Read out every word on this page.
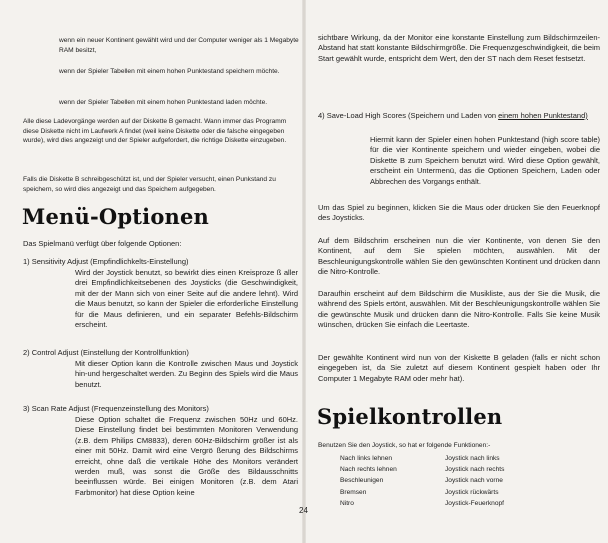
wenn ein neuer Kontinent gewählt wird und der Computer weniger als 1 Megabyte RAM besitzt,

wenn der Spieler Tabellen mit einem hohen Punktestand speichern möchte.

wenn der Spieler Tabellen mit einem hohen Punktestand laden möchte.

Alle diese Ladevorgänge werden auf der Diskette B gemacht. Wann immer das Programm diese Diskette nicht im Laufwerk A findet (weil keine Diskette oder die falsche eingegeben wurde), wird dies angezeigt und der Spieler aufgefordert, die richtige Diskette einzugeben.

Falls die Diskette B schreibgeschützt ist, und der Spieler versucht, einen Punkstand zu speichern, so wird dies angezeigt und das Speichern aufgegeben.

Menü-Optionen

Das Spielmanü verfügt über folgende Optionen:

1) Sensitivity Adjust (Empfindlichkelts-Einstellung)

Wird der Joystick benutzt, so bewirkt dies einen Kreisproze ß aller drei Empfindlichkeitsebenen des Joysticks (die Geschwindigkeit, mit der der Mann sich von einer Seite auf die andere lehnt). Wird die Maus benutzt, so kann der Spieler die erforderliche Einstellung für die Maus definieren, und ein separater Befehls-Bildschirm erscheint.

2) Control Adjust (Einstellung der Kontrollfunktion)

Mit dieser Option kann die Kontrolle zwischen Maus und Joystick hin-und hergeschaltet werden. Zu Beginn des Spiels wird die Maus benutzt.

3) Scan Rate Adjust (Frequenzeinstellung des Monitors)

Diese Option schaltet die Frequenz zwischen 50Hz und 60Hz. Diese Einstellung findet bei bestimmten Monitoren Verwendung (z.B. dem Philips CM8833), deren 60Hz-Bildschirm größer ist als einer mit 50Hz. Damit wird eine Vergrö ßerung des Bildschirms erreicht, ohne daß die vertikale Höhe des Monitors verändert werden muß, was sonst die Größe des Bildausschnitts beeinflussen würde. Bei einigen Monitoren (z.B. dem Atari Farbmonitor) hat diese Option keine

24

sichtbare Wirkung, da der Monitor eine konstante Einstellung zum Bildschirmzeilen-Abstand hat statt konstante Bildschirmgröße. Die Frequenzgeschwindigkeit, die beim Start gewählt wurde, entspricht dem Wert, den der ST nach dem Reset festsetzt.

4) Save-Load High Scores (Speichern und Laden von einem hohen Punktestand)

Hiermit kann der Spieler einen hohen Punktestand (high score table) für die vier Kontinente speichern und wieder eingeben, wobei die Diskette B zum Speichern benutzt wird. Wird diese Option gewählt, erscheint ein Untermenü, das die Optionen Speichern, Laden oder Abbrechen des Vorgangs enthält.

Um das Spiel zu beginnen, klicken Sie die Maus oder drücken Sie den Feuerknopf des Joysticks.

Auf dem Bildschrim erscheinen nun die vier Kontinente, von denen Sie den Kontinent, auf dem Sie spielen möchten, auswählen. Mit der Beschleunigungskontrolle wählen Sie den gewünschten Kontinent und drücken dann die Nitro-Kontrolle.

Daraufhin erscheint auf dem Bildschirm die Musikliste, aus der Sie die Musik, die während des Spiels ertönt, auswählen. Mit der Beschleunigungskontrolle wählen Sie die gewünschte Musik und drücken dann die Nitro-Kontrolle. Falls Sie keine Musik wünschen, drücken Sie einfach die Leertaste.

Der gewählte Kontinent wird nun von der Kiskette B geladen (falls er nicht schon eingegeben ist, da Sie zuletzt auf diesem Kontinent gespielt haben oder Ihr Computer 1 Megabyte RAM oder mehr hat).

Spielkontrollen

Benutzen Sie den Joystick, so hat er folgende Funktionen:-

Nach links lehnen
Nach rechts lehnen
Beschleunigen
Bremsen
Nitro
Joystick nach links
Joystick nach rechts
Joystick nach vorne
Joystick rückwärts
Joystick-Feuerknopf
